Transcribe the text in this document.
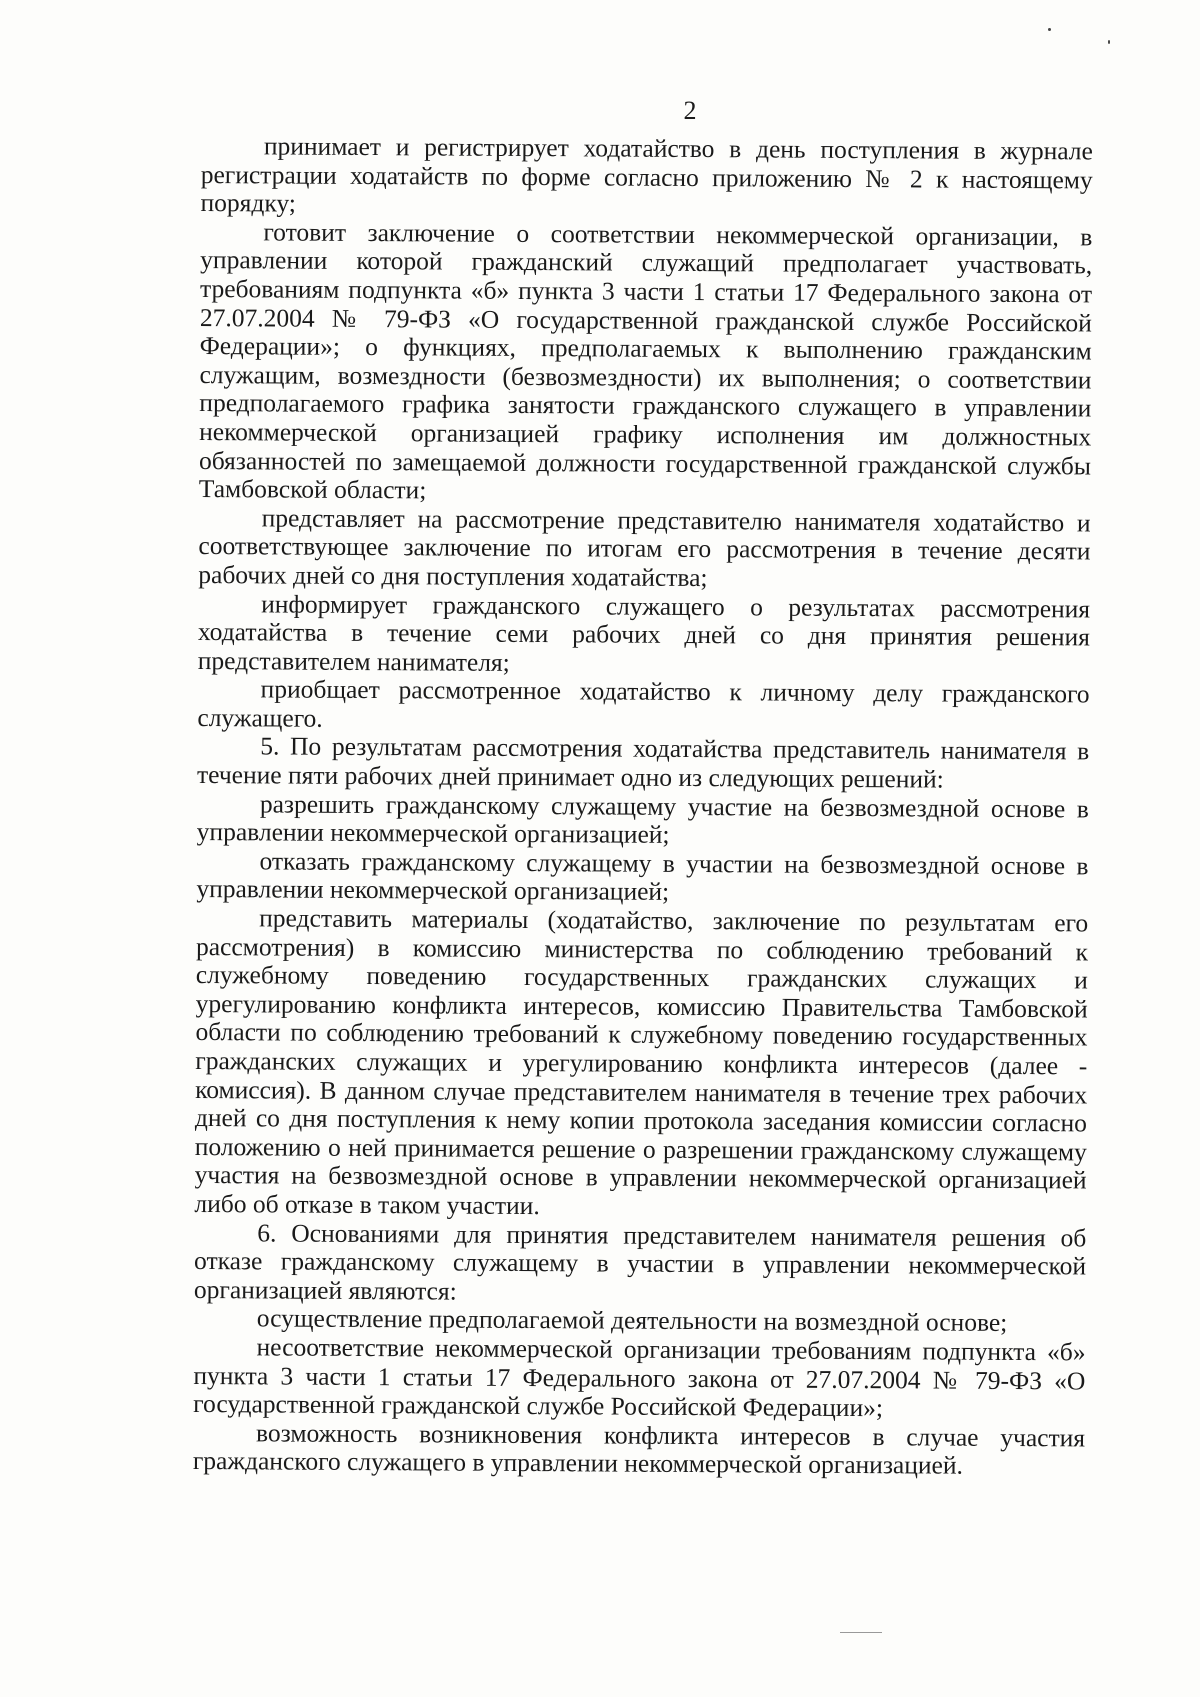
2

принимает и регистрирует ходатайство в день поступления в журнале регистрации ходатайств по форме согласно приложению № 2 к настоящему порядку;

готовит заключение о соответствии некоммерческой организации, в управлении которой гражданский служащий предполагает участвовать, требованиям подпункта «б» пункта 3 части 1 статьи 17 Федерального закона от 27.07.2004 № 79-ФЗ «О государственной гражданской службе Российской Федерации»; о функциях, предполагаемых к выполнению гражданским служащим, возмездности (безвозмездности) их выполнения; о соответствии предполагаемого графика занятости гражданского служащего в управлении некоммерческой организацией графику исполнения им должностных обязанностей по замещаемой должности государственной гражданской службы Тамбовской области;

представляет на рассмотрение представителю нанимателя ходатайство и соответствующее заключение по итогам его рассмотрения в течение десяти рабочих дней со дня поступления ходатайства;

информирует гражданского служащего о результатах рассмотрения ходатайства в течение семи рабочих дней со дня принятия решения представителем нанимателя;

приобщает рассмотренное ходатайство к личному делу гражданского служащего.

5. По результатам рассмотрения ходатайства представитель нанимателя в течение пяти рабочих дней принимает одно из следующих решений:

разрешить гражданскому служащему участие на безвозмездной основе в управлении некоммерческой организацией;

отказать гражданскому служащему в участии на безвозмездной основе в управлении некоммерческой организацией;

представить материалы (ходатайство, заключение по результатам его рассмотрения) в комиссию министерства по соблюдению требований к служебному поведению государственных гражданских служащих и урегулированию конфликта интересов, комиссию Правительства Тамбовской области по соблюдению требований к служебному поведению государственных гражданских служащих и урегулированию конфликта интересов (далее - комиссия). В данном случае представителем нанимателя в течение трех рабочих дней со дня поступления к нему копии протокола заседания комиссии согласно положению о ней принимается решение о разрешении гражданскому служащему участия на безвозмездной основе в управлении некоммерческой организацией либо об отказе в таком участии.

6. Основаниями для принятия представителем нанимателя решения об отказе гражданскому служащему в участии в управлении некоммерческой организацией являются:

осуществление предполагаемой деятельности на возмездной основе;

несоответствие некоммерческой организации требованиям подпункта «б» пункта 3 части 1 статьи 17 Федерального закона от 27.07.2004 № 79-ФЗ «О государственной гражданской службе Российской Федерации»;

возможность возникновения конфликта интересов в случае участия гражданского служащего в управлении некоммерческой организацией.
